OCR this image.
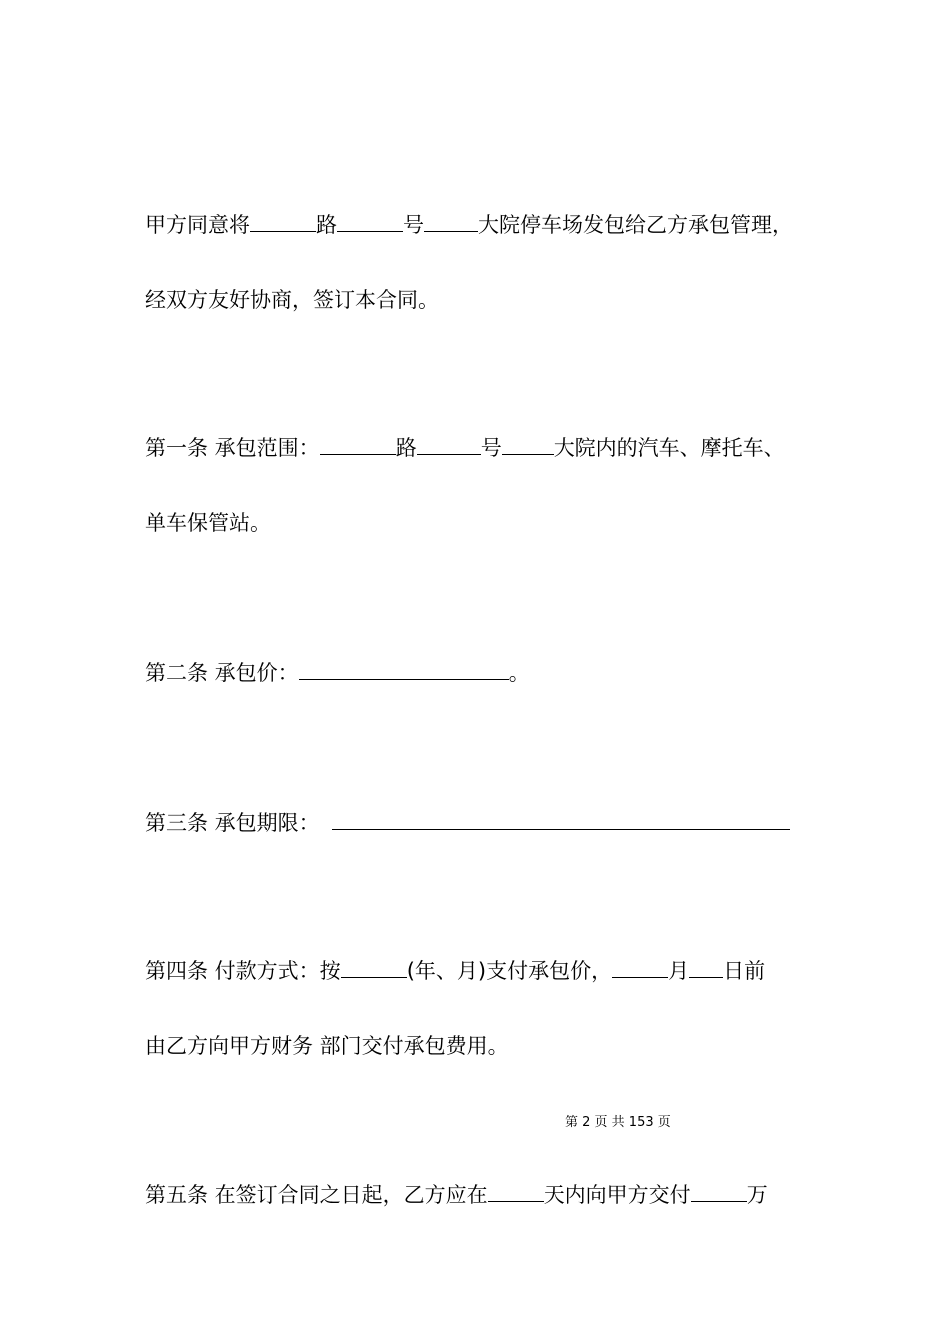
甲方同意将	路	号	大院停车场发包给乙方承包管理，
经双方友好协商，签订本合同。
第一条 承包范围：	路	号 大院内的汽车、摩托车、
单车保管站。
第二条 承包价：	。
第三条 承包期限：
第四条 付款方式：按	(年、月)支付承包价，	月 日前
由乙方向甲方财务 部门交付承包费用。
第 2 页 共 153 页
第五条 在签订合同之日起，乙方应在	天内向甲方交付	万
